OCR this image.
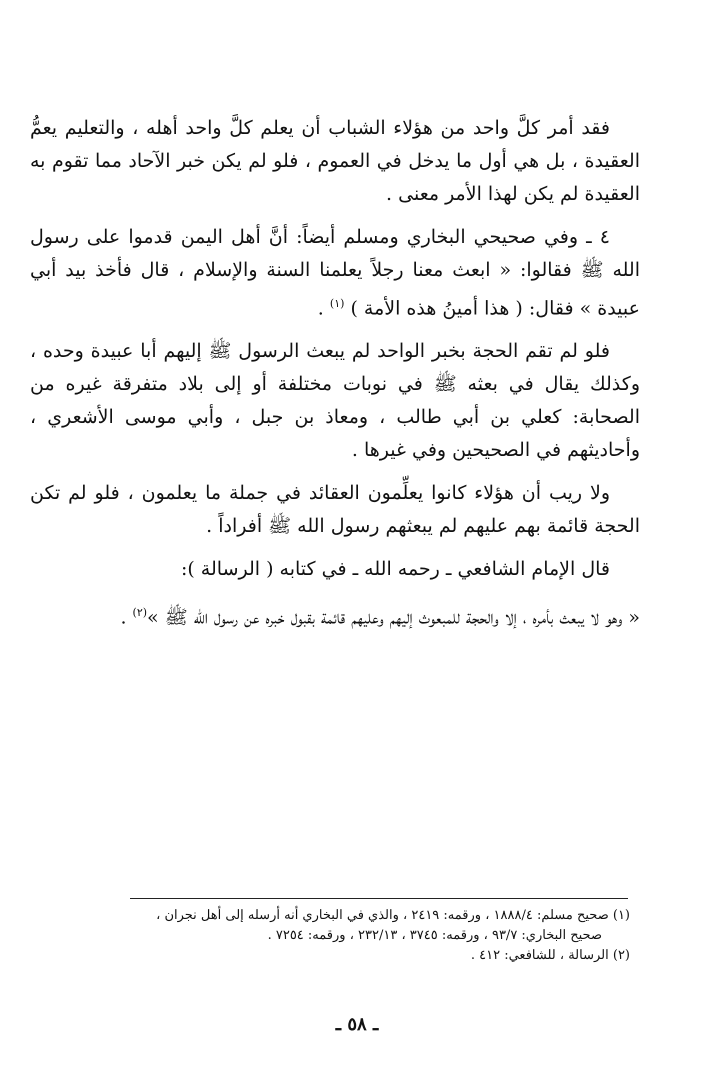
فقد أمر كلَّ واحد من هؤلاء الشباب أن يعلم كلَّ واحد أهله ، والتعليم يعمُّ العقيدة ، بل هي أول ما يدخل في العموم ، فلو لم يكن خبر الآحاد مما تقوم به العقيدة لم يكن لهذا الأمر معنى .

٤ ـ وفي صحيحي البخاري ومسلم أيضاً: أنَّ أهل اليمن قدموا على رسول الله ﷺ فقالوا: « ابعث معنا رجلاً يعلمنا السنة والإسلام ، قال فأخذ بيد أبي عبيدة » فقال: ( هذا أمينُ هذه الأمة ) $^{(١)}$ .

فلو لم تقم الحجة بخبر الواحد لم يبعث الرسول ﷺ إليهم أبا عبيدة وحده ، وكذلك يقال في بعثه ﷺ في نوبات مختلفة أو إلى بلاد متفرقة غيره من الصحابة: كعلي بن أبي طالب ، ومعاذ بن جبل ، وأبي موسى الأشعري ، وأحاديثهم في الصحيحين وفي غيرها .

ولا ريب أن هؤلاء كانوا يعلِّمون العقائد في جملة ما يعلمون ، فلو لم تكن الحجة قائمة بهم عليهم لم يبعثهم رسول الله ﷺ أفراداً .

قال الإمام الشافعي ـ رحمه الله ـ في كتابه ( الرسالة ):

« وهو لا يبعث بأمره ، إلا والحجة للمبعوث إليهم وعليهم قائمة بقبول خبره عن رسول الله ﷺ »$^{(٢)}$ .

(١) صحيح مسلم: ١٨٨٨/٤ ، ورقمه: ٢٤١٩ ، والذي في البخاري أنه أرسله إلى أهل نجران ،
صحيح البخاري: ٩٣/٧ ، ورقمه: ٣٧٤٥ ، ٢٣٢/١٣ ، ورقمه: ٧٢٥٤ .
(٢) الرسالة ، للشافعي: ٤١٢ .
ـ ٥٨ ـ
